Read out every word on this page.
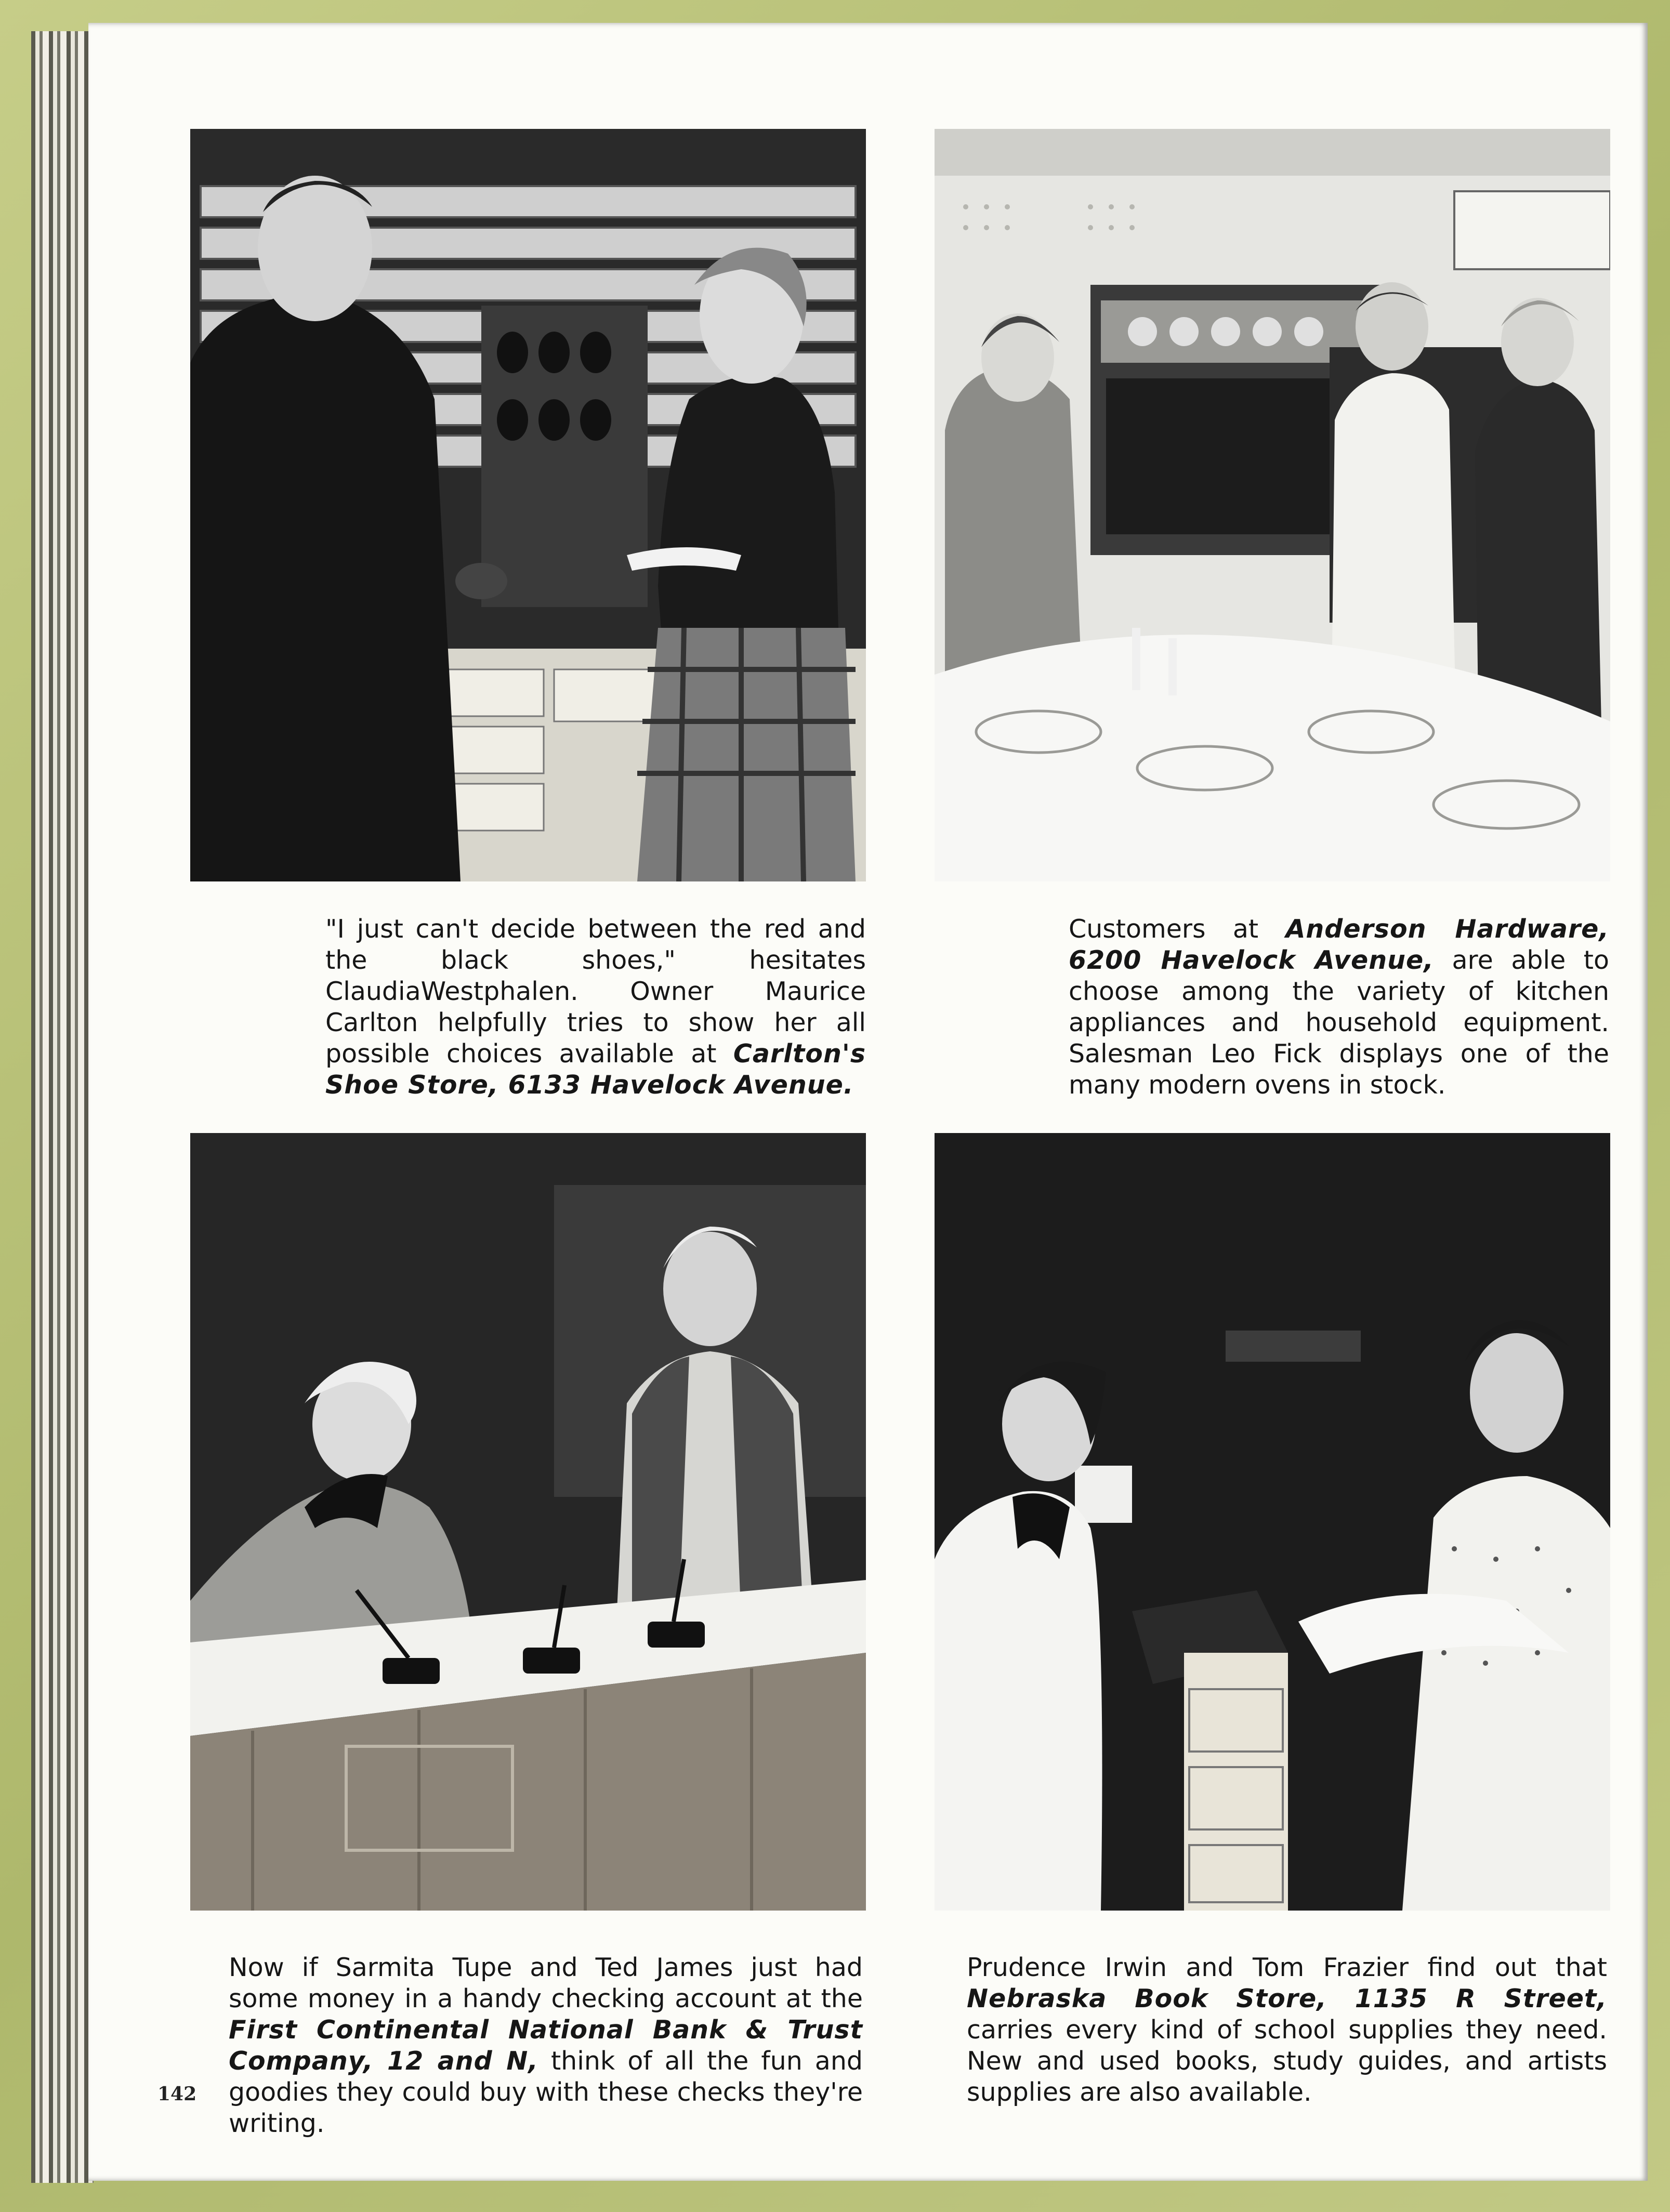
"I just can't decide between the red and the black shoes," hesitates ClaudiaWestphalen. Owner Maurice Carlton helpfully tries to show her all possible choices available at Carlton's Shoe Store, 6133 Havelock Avenue.

Customers at Anderson Hardware, 6200 Havelock Avenue, are able to choose among the variety of kitchen appliances and household equipment. Salesman Leo Fick displays one of the many modern ovens in stock.

Now if Sarmita Tupe and Ted James just had some money in a handy checking account at the First Continental National Bank & Trust Company, 12 and N, think of all the fun and goodies they could buy with these checks they're writing.

Prudence Irwin and Tom Frazier find out that Nebraska Book Store, 1135 R Street, carries every kind of school supplies they need. New and used books, study guides, and artists supplies are also available.

142
